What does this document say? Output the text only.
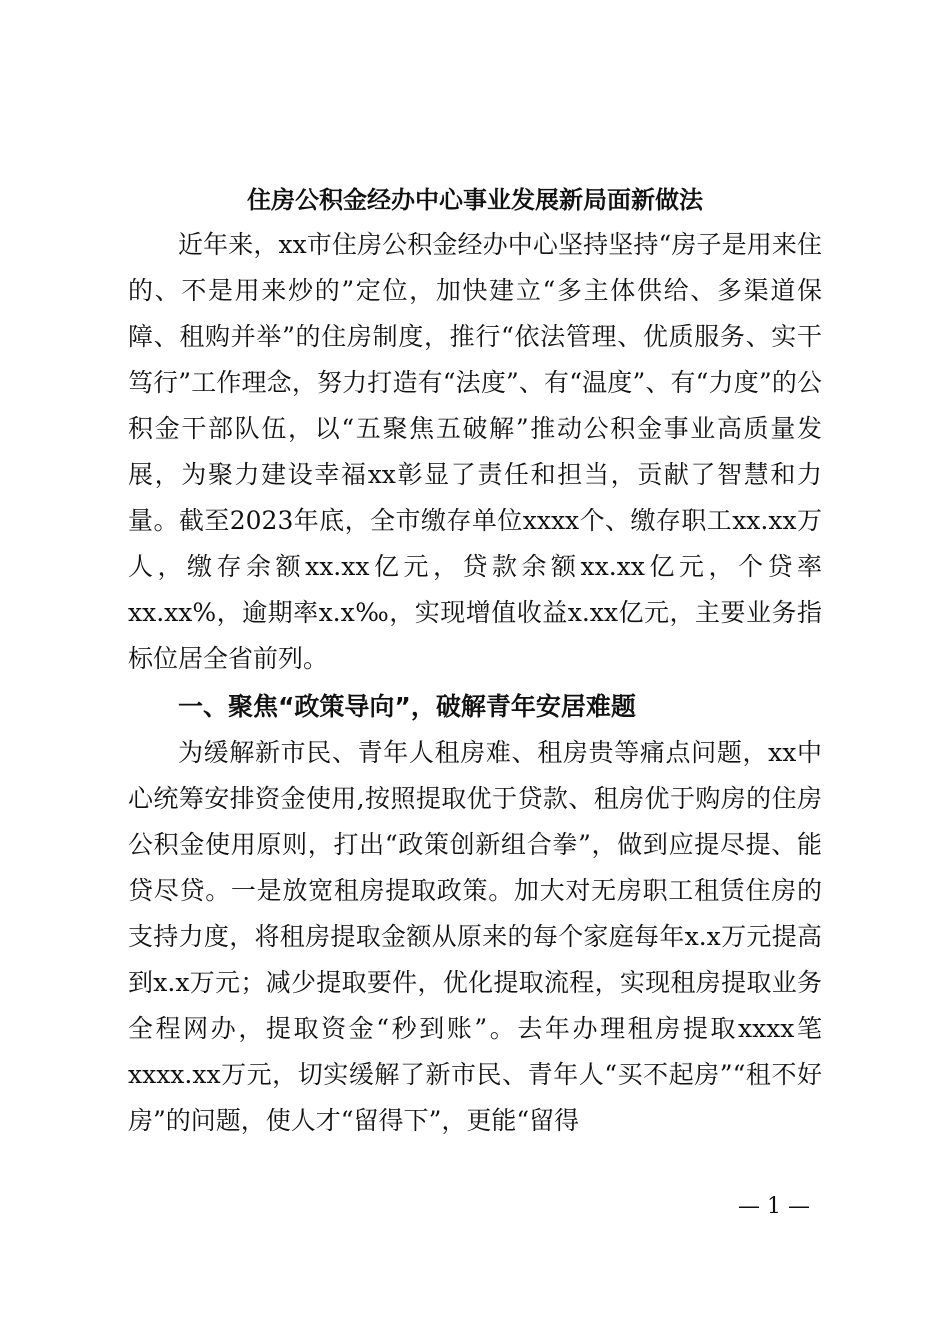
住房公积金经办中心事业发展新局面新做法

近年来，xx市住房公积金经办中心坚持坚持“房子是用来住的、不是用来炒的”定位，加快建立“多主体供给、多渠道保障、租购并举”的住房制度，推行“依法管理、优质服务、实干笃行”工作理念，努力打造有“法度”、有“温度”、有“力度”的公积金干部队伍，以“五聚焦五破解”推动公积金事业高质量发展，为聚力建设幸福xx彰显了责任和担当，贡献了智慧和力量。截至2023年底，全市缴存单位xxxx个、缴存职工xx.xx万人，缴存余额xx.xx亿元，贷款余额xx.xx亿元，个贷率xx.xx%，逾期率x.x‰，实现增值收益x.xx亿元，主要业务指标位居全省前列。

一、聚焦“政策导向”，破解青年安居难题

为缓解新市民、青年人租房难、租房贵等痛点问题，xx中心统筹安排资金使用,按照提取优于贷款、租房优于购房的住房公积金使用原则，打出“政策创新组合拳”，做到应提尽提、能贷尽贷。一是放宽租房提取政策。加大对无房职工租赁住房的支持力度，将租房提取金额从原来的每个家庭每年x.x万元提高到x.x万元；减少提取要件，优化提取流程，实现租房提取业务全程网办，提取资金“秒到账”。去年办理租房提取xxxx笔xxxx.xx万元，切实缓解了新市民、青年人“买不起房”“租不好房”的问题，使人才“留得下”，更能“留得

— 1 —
